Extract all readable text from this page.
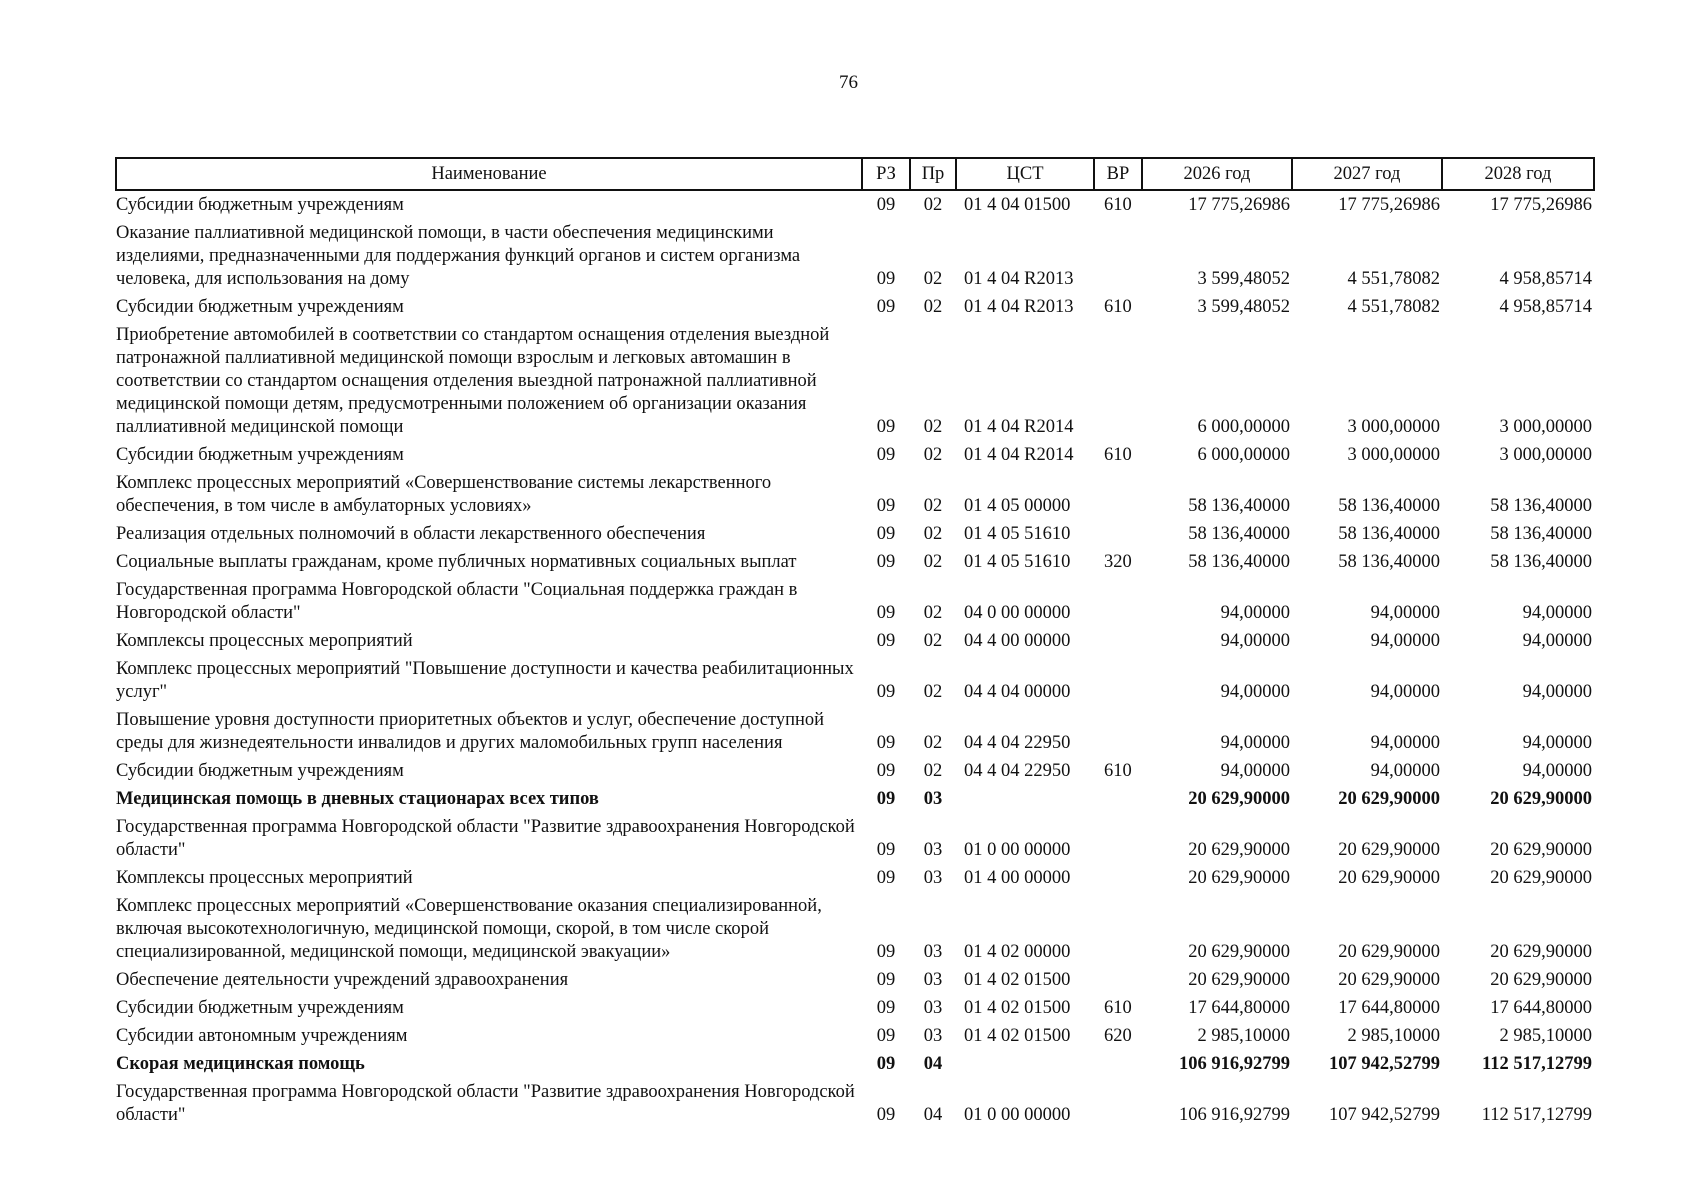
76
Наименование	РЗ	Пр	ЦСТ	ВР	2026 год	2027 год	2028 год
Субсидии бюджетным учреждениям	09	02	01 4 04 01500	610	17 775,26986	17 775,26986	17 775,26986
Оказание паллиативной медицинской помощи, в части обеспечения медицинскими изделиями, предназначенными для поддержания функций органов и систем организма человека, для использования на дому	09	02	01 4 04 R2013		3 599,48052	4 551,78082	4 958,85714
Субсидии бюджетным учреждениям	09	02	01 4 04 R2013	610	3 599,48052	4 551,78082	4 958,85714
Приобретение автомобилей в соответствии со стандартом оснащения отделения выездной патронажной паллиативной медицинской помощи взрослым и легковых автомашин в соответствии со стандартом оснащения отделения выездной патронажной паллиативной медицинской помощи детям, предусмотренными положением об организации оказания паллиативной медицинской помощи	09	02	01 4 04 R2014		6 000,00000	3 000,00000	3 000,00000
Субсидии бюджетным учреждениям	09	02	01 4 04 R2014	610	6 000,00000	3 000,00000	3 000,00000
Комплекс процессных мероприятий «Совершенствование системы лекарственного обеспечения, в том числе в амбулаторных условиях»	09	02	01 4 05 00000		58 136,40000	58 136,40000	58 136,40000
Реализация отдельных полномочий в области лекарственного обеспечения	09	02	01 4 05 51610		58 136,40000	58 136,40000	58 136,40000
Социальные выплаты гражданам, кроме публичных нормативных социальных выплат	09	02	01 4 05 51610	320	58 136,40000	58 136,40000	58 136,40000
Государственная программа Новгородской области "Социальная поддержка граждан в Новгородской области"	09	02	04 0 00 00000		94,00000	94,00000	94,00000
Комплексы процессных мероприятий	09	02	04 4 00 00000		94,00000	94,00000	94,00000
Комплекс процессных мероприятий "Повышение доступности и качества реабилитационных услуг"	09	02	04 4 04 00000		94,00000	94,00000	94,00000
Повышение уровня доступности приоритетных объектов и услуг, обеспечение доступной среды для жизнедеятельности инвалидов и других маломобильных групп населения	09	02	04 4 04 22950		94,00000	94,00000	94,00000
Субсидии бюджетным учреждениям	09	02	04 4 04 22950	610	94,00000	94,00000	94,00000
Медицинская помощь в дневных стационарах всех типов	09	03			20 629,90000	20 629,90000	20 629,90000
Государственная программа Новгородской области "Развитие здравоохранения Новгородской области"	09	03	01 0 00 00000		20 629,90000	20 629,90000	20 629,90000
Комплексы процессных мероприятий	09	03	01 4 00 00000		20 629,90000	20 629,90000	20 629,90000
Комплекс процессных мероприятий «Совершенствование оказания специализированной, включая высокотехнологичную, медицинской помощи, скорой, в том числе скорой специализированной, медицинской помощи, медицинской эвакуации»	09	03	01 4 02 00000		20 629,90000	20 629,90000	20 629,90000
Обеспечение деятельности учреждений здравоохранения	09	03	01 4 02 01500		20 629,90000	20 629,90000	20 629,90000
Субсидии бюджетным учреждениям	09	03	01 4 02 01500	610	17 644,80000	17 644,80000	17 644,80000
Субсидии автономным учреждениям	09	03	01 4 02 01500	620	2 985,10000	2 985,10000	2 985,10000
Скорая медицинская помощь	09	04			106 916,92799	107 942,52799	112 517,12799
Государственная программа Новгородской области "Развитие здравоохранения Новгородской области"	09	04	01 0 00 00000		106 916,92799	107 942,52799	112 517,12799
